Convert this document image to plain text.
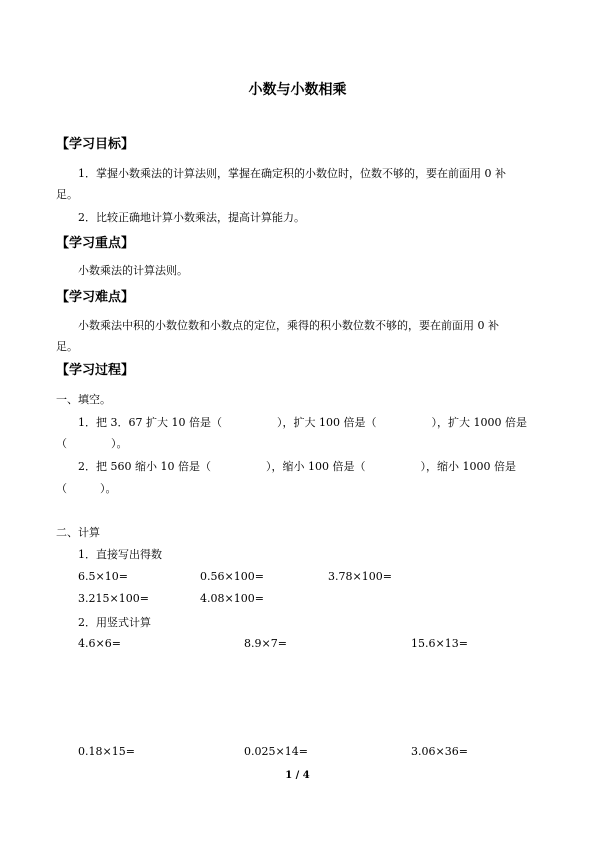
小数与小数相乘
【学习目标】
1．掌握小数乘法的计算法则，掌握在确定积的小数位时，位数不够的，要在前面用 0 补
足。
2．比较正确地计算小数乘法，提高计算能力。
【学习重点】
小数乘法的计算法则。
【学习难点】
小数乘法中积的小数位数和小数点的定位，乘得的积小数位数不够的，要在前面用 0 补
足。
【学习过程】
一、填空。
1．把 3．67 扩大 10 倍是（　　　　　），扩大 100 倍是（　　　　　），扩大 1000 倍是
（　　　　）。
2．把 560 缩小 10 倍是（　　　　　），缩小 100 倍是（　　　　　），缩小 1000 倍是
（　　　）。
二、计算
1．直接写出得数
6.5×10=	0.56×100=	3.78×100=
3.215×100=	4.08×100=
2．用竖式计算
4.6×6=	8.9×7=	15.6×13=
0.18×15=	0.025×14=	3.06×36=
1 / 4
